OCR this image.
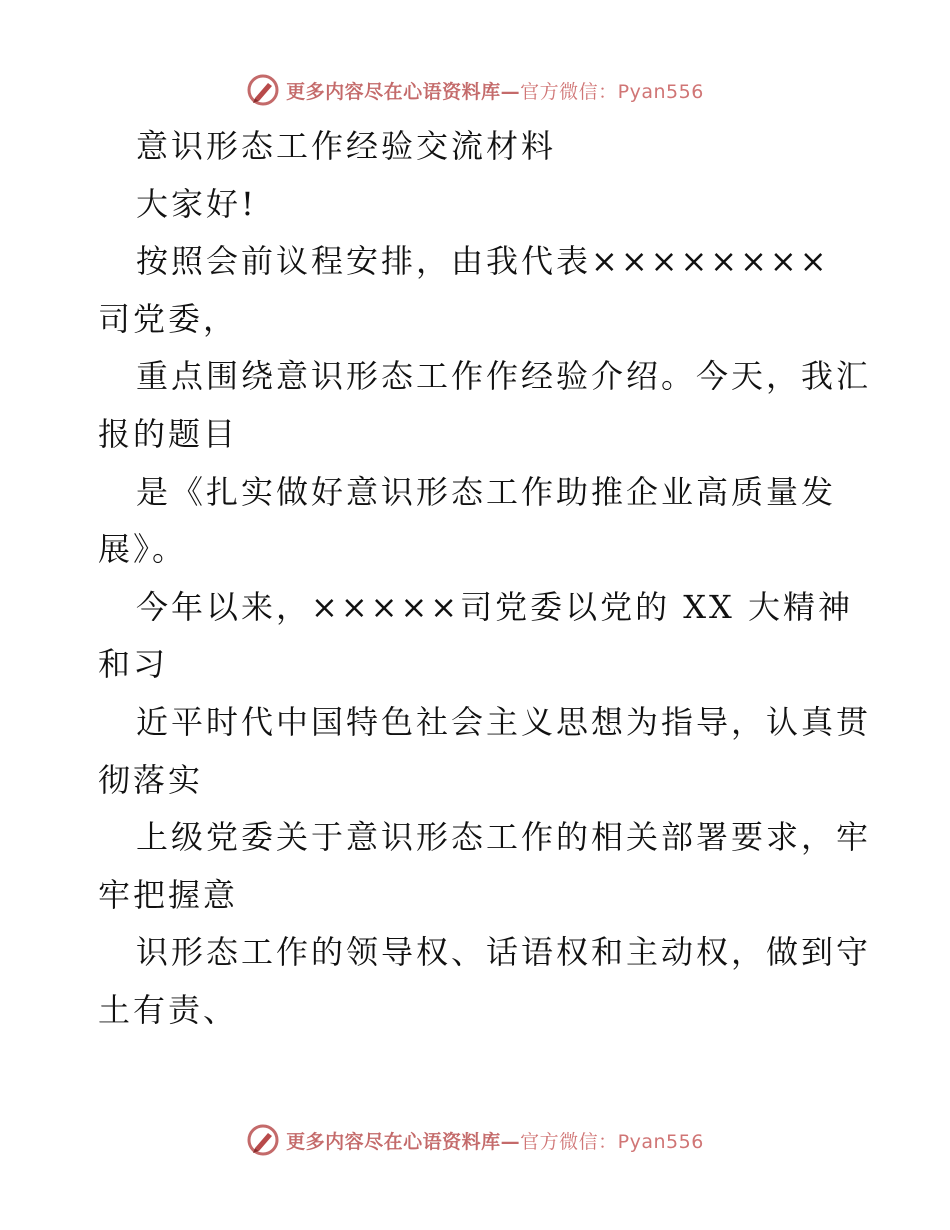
更多内容尽在心语资料库—官方微信：Pyan556
意识形态工作经验交流材料
大家好!
按照会前议程安排，由我代表××××××××
司党委，
重点围绕意识形态工作作经验介绍。今天，我汇
报的题目
是《扎实做好意识形态工作助推企业高质量发
展》。
今年以来，×××××司党委以党的 XX 大精神
和习
近平时代中国特色社会主义思想为指导，认真贯
彻落实
上级党委关于意识形态工作的相关部署要求，牢
牢把握意
识形态工作的领导权、话语权和主动权，做到守
土有责、
更多内容尽在心语资料库—官方微信：Pyan556
